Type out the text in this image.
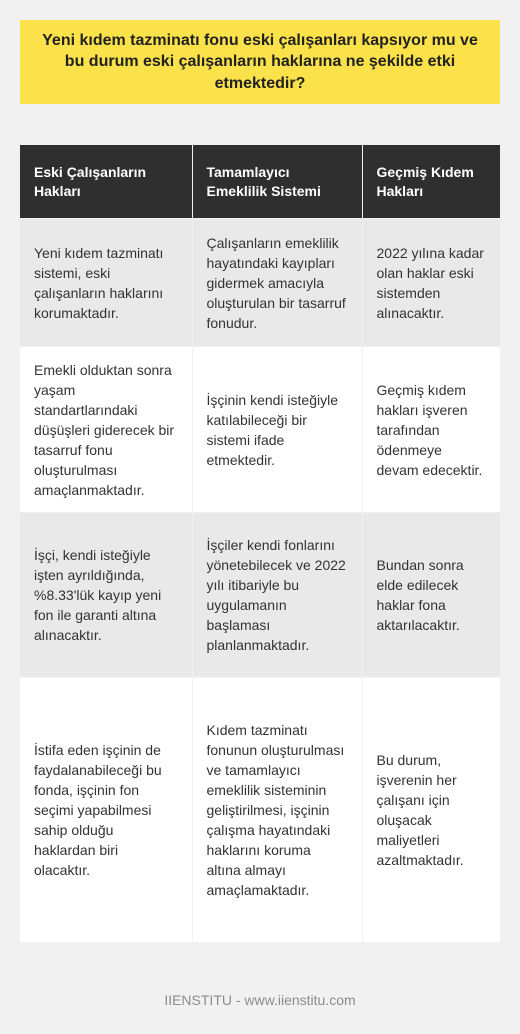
Yeni kıdem tazminatı fonu eski çalışanları kapsıyor mu ve bu durum eski çalışanların haklarına ne şekilde etki etmektedir?
Eski Çalışanların Hakları	Tamamlayıcı Emeklilik Sistemi	Geçmiş Kıdem Hakları
Yeni kıdem tazminatı sistemi, eski çalışanların haklarını korumaktadır.	Çalışanların emeklilik hayatındaki kayıpları gidermek amacıyla oluşturulan bir tasarruf fonudur.	2022 yılına kadar olan haklar eski sistemden alınacaktır.
Emekli olduktan sonra yaşam standartlarındaki düşüşleri giderecek bir tasarruf fonu oluşturulması amaçlanmaktadır.	İşçinin kendi isteğiyle katılabileceği bir sistemi ifade etmektedir.	Geçmiş kıdem hakları işveren tarafından ödenmeye devam edecektir.
İşçi, kendi isteğiyle işten ayrıldığında, %8.33'lük kayıp yeni fon ile garanti altına alınacaktır.	İşçiler kendi fonlarını yönetebilecek ve 2022 yılı itibariyle bu uygulamanın başlaması planlanmaktadır.	Bundan sonra elde edilecek haklar fona aktarılacaktır.
İstifa eden işçinin de faydalanabileceği bu fonda, işçinin fon seçimi yapabilmesi sahip olduğu haklardan biri olacaktır.	Kıdem tazminatı fonunun oluşturulması ve tamamlayıcı emeklilik sisteminin geliştirilmesi, işçinin çalışma hayatındaki haklarını koruma altına almayı amaçlamaktadır.	Bu durum, işverenin her çalışanı için oluşacak maliyetleri azaltmaktadır.
IIENSTITU - www.iienstitu.com
